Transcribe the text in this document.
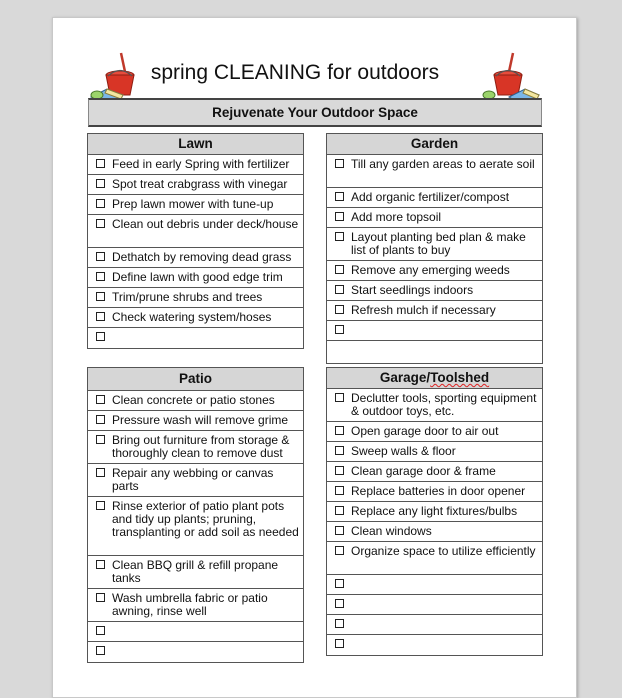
spring CLEANING for outdoors
Rejuvenate Your Outdoor Space
Lawn
Feed in early Spring with fertilizer
Spot treat crabgrass with vinegar
Prep lawn mower with tune-up
Clean out debris under deck/house
Dethatch by removing dead grass
Define lawn with good edge trim
Trim/prune shrubs and trees
Check watering system/hoses
Garden
Till any garden areas to aerate soil
Add organic fertilizer/compost
Add more topsoil
Layout planting bed plan & make list of plants to buy
Remove any emerging weeds
Start seedlings indoors
Refresh mulch if necessary
Patio
Clean concrete or patio stones
Pressure wash will remove grime
Bring out furniture from storage & thoroughly clean to remove dust
Repair any webbing or canvas parts
Rinse exterior of patio plant pots and tidy up plants; pruning, transplanting or add soil as needed
Clean BBQ grill & refill propane tanks
Wash umbrella fabric or patio awning, rinse well
Garage/Toolshed
Declutter tools, sporting equipment & outdoor toys, etc.
Open garage door to air out
Sweep walls & floor
Clean garage door & frame
Replace batteries in door opener
Replace any light fixtures/bulbs
Clean windows
Organize space to utilize efficiently
